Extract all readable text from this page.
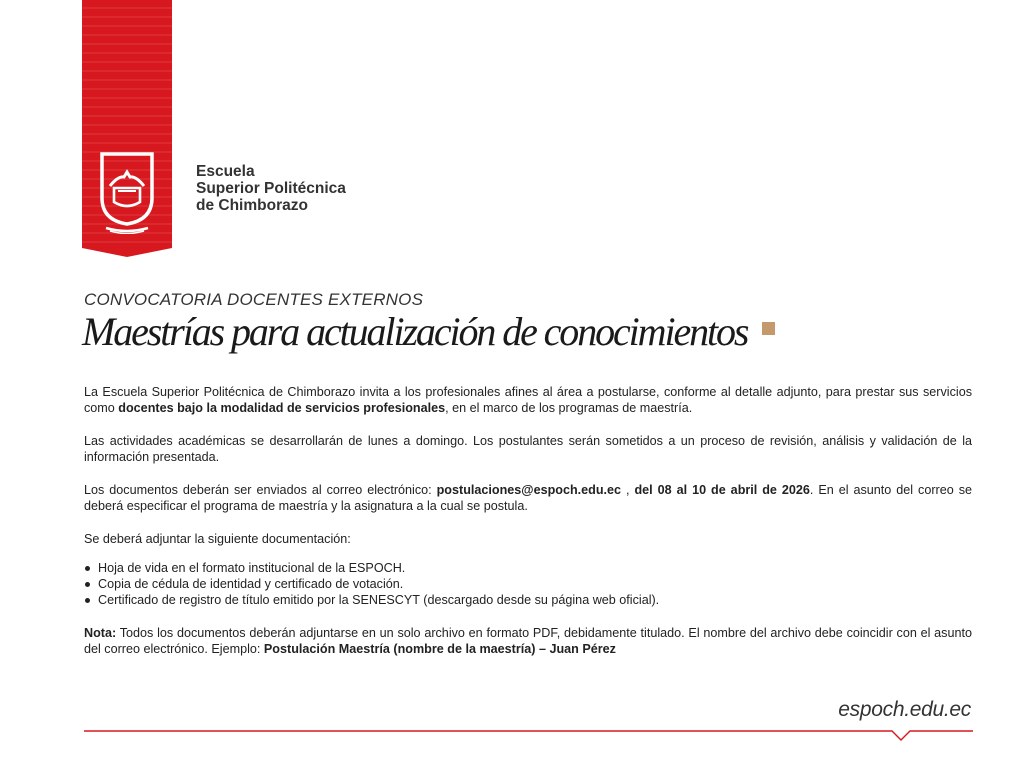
Escuela
Superior Politécnica
de Chimborazo
CONVOCATORIA DOCENTES EXTERNOS
Maestrías para actualización de conocimientos

La Escuela Superior Politécnica de Chimborazo invita a los profesionales afines al área a postularse, conforme al detalle adjunto, para prestar sus servicios como docentes bajo la modalidad de servicios profesionales, en el marco de los programas de maestría.

Las actividades académicas se desarrollarán de lunes a domingo. Los postulantes serán sometidos a un proceso de revisión, análisis y validación de la información presentada.

Los documentos deberán ser enviados al correo electrónico: postulaciones@espoch.edu.ec , del 08 al 10 de abril de 2026. En el asunto del correo se deberá especificar el programa de maestría y la asignatura a la cual se postula.

Se deberá adjuntar la siguiente documentación:

Hoja de vida en el formato institucional de la ESPOCH.
Copia de cédula de identidad y certificado de votación.
Certificado de registro de título emitido por la SENESCYT (descargado desde su página web oficial).

Nota: Todos los documentos deberán adjuntarse en un solo archivo en formato PDF, debidamente titulado. El nombre del archivo debe coincidir con el asunto del correo electrónico. Ejemplo: Postulación Maestría (nombre de la maestría) – Juan Pérez

espoch.edu.ec
